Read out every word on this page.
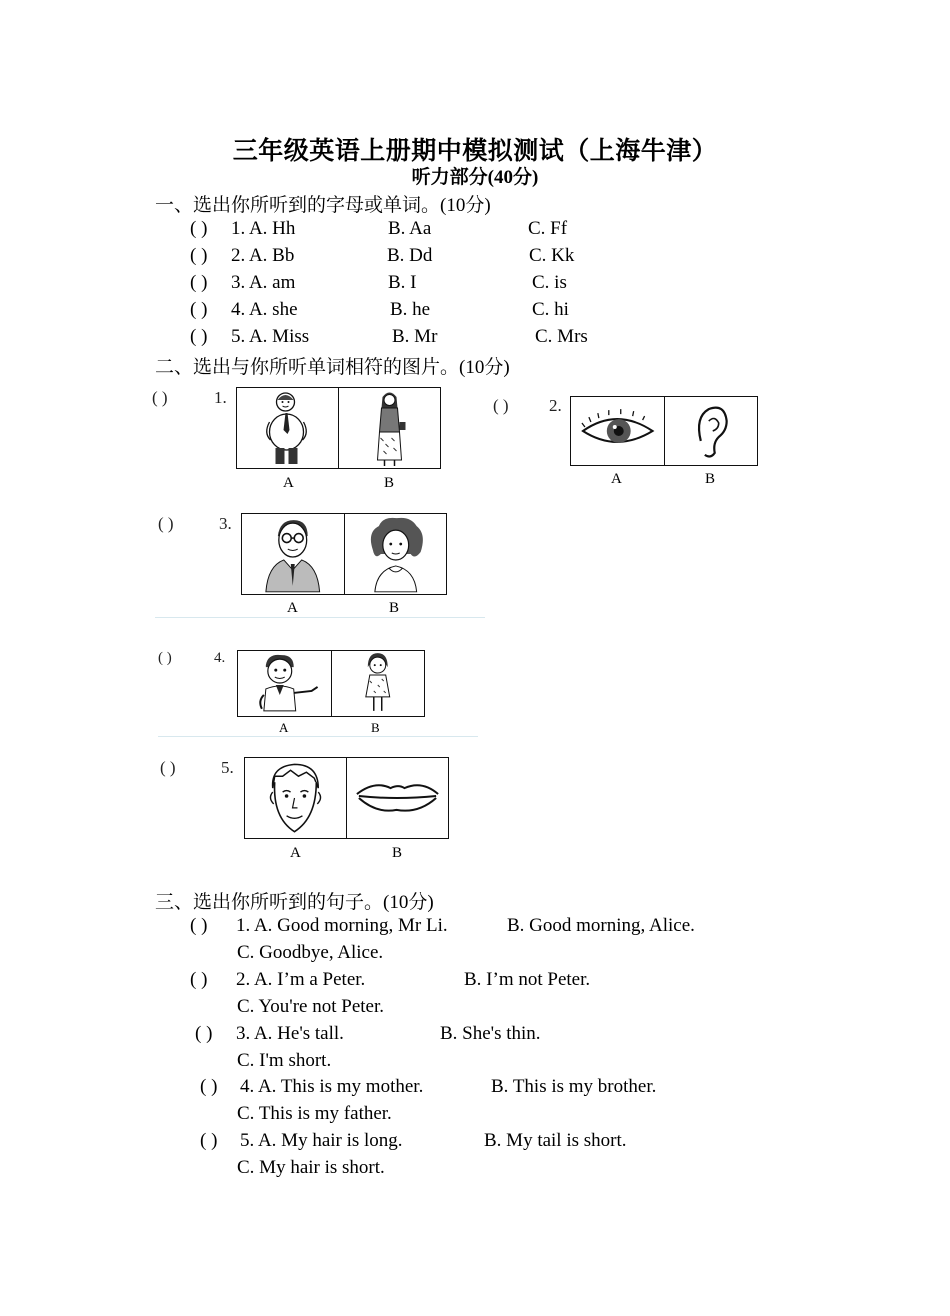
三年级英语上册期中模拟测试（上海牛津）
听力部分(40分)
一、选出你所听到的字母或单词。(10分)
( ) 1. A. Hh	B. Aa	C. Ff
( ) 2. A. Bb	B. Dd	C. Kk
( ) 3. A. am	B. I	C. is
( ) 4. A. she	B. he	C. hi
( ) 5. A. Miss	B. Mr	C. Mrs
二、选出与你所听单词相符的图片。(10分)
( )	1.
A	B
( ) 2.
A	B
( )	3.
A	B
( )	4.
A	B
( )	5.
A	B
三、选出你所听到的句子。(10分)
( ) 1. A. Good morning, Mr Li.	B. Good morning, Alice.
C. Goodbye, Alice.
( ) 2. A. I’m a Peter.	B. I’m not Peter.
C. You're not Peter.
( ) 3. A. He's tall.	B. She's thin.
C. I'm short.
( ) 4. A. This is my mother.	B. This is my brother.
C. This is my father.
( ) 5. A. My hair is long.	B. My tail is short.
C. My hair is short.
